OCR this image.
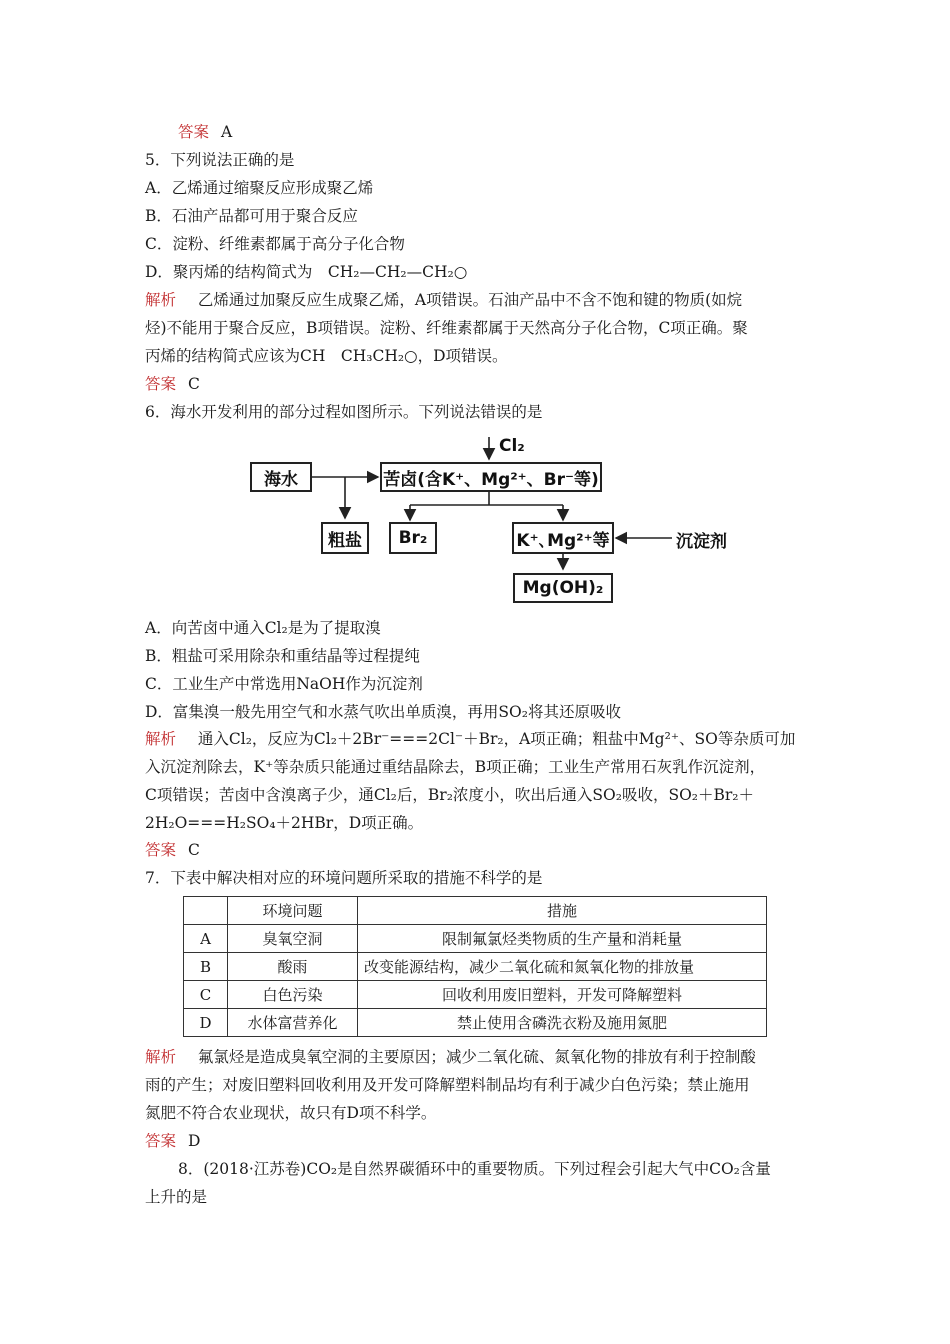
答案 A
5．下列说法正确的是
A．乙烯通过缩聚反应形成聚乙烯
B．石油产品都可用于聚合反应
C．淀粉、纤维素都属于高分子化合物
D．聚丙烯的结构简式为　CH₂—CH₂—CH₂○
解析 乙烯通过加聚反应生成聚乙烯，A项错误。石油产品中不含不饱和键的物质(如烷
烃)不能用于聚合反应，B项错误。淀粉、纤维素都属于天然高分子化合物，C项正确。聚
丙烯的结构简式应该为CH　CH₃CH₂○，D项错误。
答案 C
6．海水开发利用的部分过程如图所示。下列说法错误的是
Cl₂
海水	苦卤(含K⁺、Mg²⁺、Br⁻等)
粗盐	Br₂	K⁺､Mg²⁺等	沉淀剂
Mg(OH)₂
A．向苦卤中通入Cl₂是为了提取溴
B．粗盐可采用除杂和重结晶等过程提纯
C．工业生产中常选用NaOH作为沉淀剂
D．富集溴一般先用空气和水蒸气吹出单质溴，再用SO₂将其还原吸收
解析 通入Cl₂，反应为Cl₂＋2Br⁻===2Cl⁻＋Br₂，A项正确；粗盐中Mg²⁺、SO等杂质可加
入沉淀剂除去，K⁺等杂质只能通过重结晶除去，B项正确；工业生产常用石灰乳作沉淀剂，
C项错误；苦卤中含溴离子少，通Cl₂后，Br₂浓度小，吹出后通入SO₂吸收，SO₂＋Br₂＋
2H₂O===H₂SO₄＋2HBr，D项正确。
答案 C
7．下表中解决相对应的环境问题所采取的措施不科学的是
	环境问题	措施
A	臭氧空洞	限制氟氯烃类物质的生产量和消耗量
B	酸雨	改变能源结构，减少二氧化硫和氮氧化物的排放量
C	白色污染	回收利用废旧塑料，开发可降解塑料
D	水体富营养化	禁止使用含磷洗衣粉及施用氮肥
解析 氟氯烃是造成臭氧空洞的主要原因；减少二氧化硫、氮氧化物的排放有利于控制酸
雨的产生；对废旧塑料回收利用及开发可降解塑料制品均有利于减少白色污染；禁止施用
氮肥不符合农业现状，故只有D项不科学。
答案 D
8．(2018·江苏卷)CO₂是自然界碳循环中的重要物质。下列过程会引起大气中CO₂含量
上升的是
